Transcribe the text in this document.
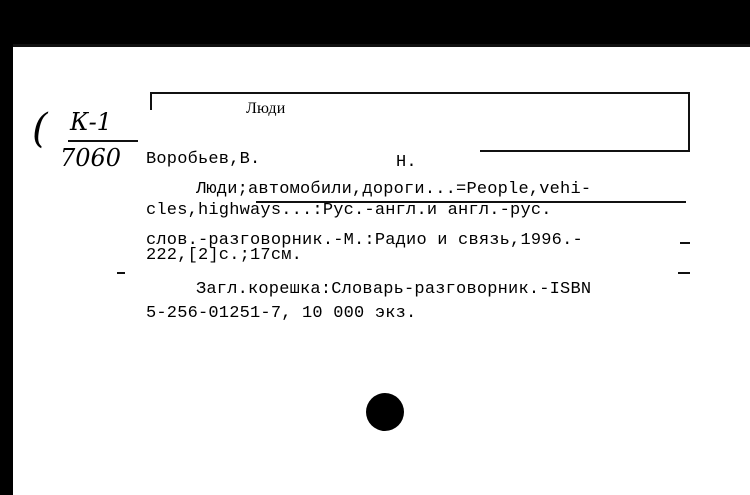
Люди
К-1
(
7060 Воробьев,В.	Н.
Люди;автомобили,дороги...=People,vehi-
cles,highways...:Рус.-англ.и англ.-рус.
слов.-разговорник.-М.:Радио и связь,1996.-
222,[2]с.;17см.
Загл.корешка:Словарь-разговорник.-ISBN
5-256-01251-7, 10 000 экз.
